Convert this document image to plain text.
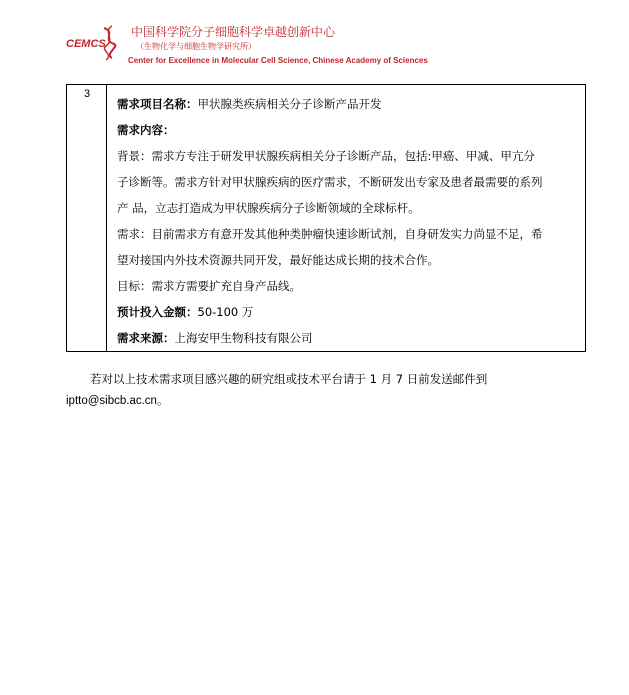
CEMCS
中国科学院分子细胞科学卓越创新中心
（生物化学与细胞生物学研究所）
Center for Excellence in Molecular Cell Science, Chinese Academy of Sciences
3
需求项目名称：甲状腺类疾病相关分子诊断产品开发
需求内容：
背景：需求方专注于研发甲状腺疾病相关分子诊断产品，包括:甲癌、甲减、甲亢分
子诊断等。需求方针对甲状腺疾病的医疗需求，不断研发出专家及患者最需要的系列
产 品，立志打造成为甲状腺疾病分子诊断领域的全球标杆。
需求：目前需求方有意开发其他种类肿瘤快速诊断试剂，自身研发实力尚显不足，希
望对接国内外技术资源共同开发，最好能达成长期的技术合作。
目标：需求方需要扩充自身产品线。
预计投入金额：50-100 万
需求来源：上海安甲生物科技有限公司
若对以上技术需求项目感兴趣的研究组或技术平台请于 1 月 7 日前发送邮件到
iptto@sibcb.ac.cn。
